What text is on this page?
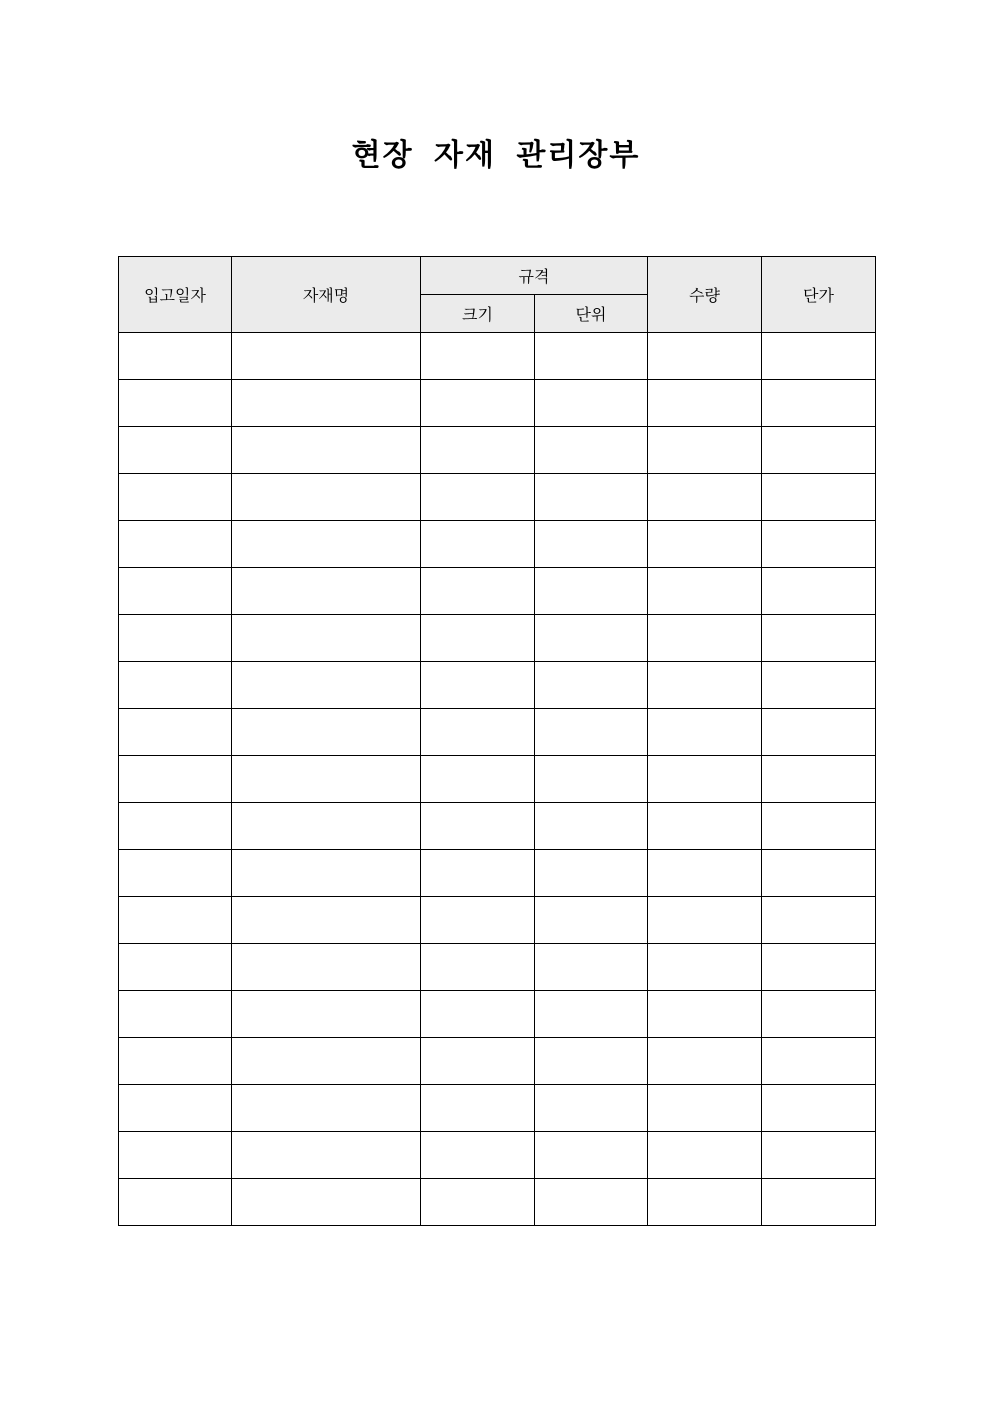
현장 자재 관리장부
입고일자	자재명	규격		수량	단가
		크기	단위		
